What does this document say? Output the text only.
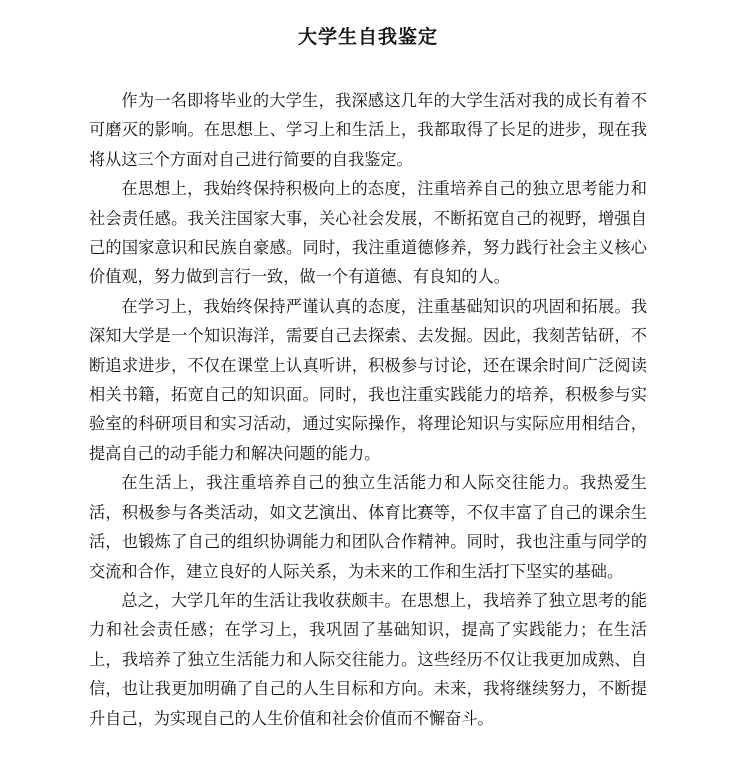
大学生自我鉴定

作为一名即将毕业的大学生，我深感这几年的大学生活对我的成长有着不可磨灭的影响。在思想上、学习上和生活上，我都取得了长足的进步，现在我将从这三个方面对自己进行简要的自我鉴定。

在思想上，我始终保持积极向上的态度，注重培养自己的独立思考能力和社会责任感。我关注国家大事，关心社会发展，不断拓宽自己的视野，增强自己的国家意识和民族自豪感。同时，我注重道德修养，努力践行社会主义核心价值观，努力做到言行一致，做一个有道德、有良知的人。

在学习上，我始终保持严谨认真的态度，注重基础知识的巩固和拓展。我深知大学是一个知识海洋，需要自己去探索、去发掘。因此，我刻苦钻研，不断追求进步，不仅在课堂上认真听讲，积极参与讨论，还在课余时间广泛阅读相关书籍，拓宽自己的知识面。同时，我也注重实践能力的培养，积极参与实验室的科研项目和实习活动，通过实际操作，将理论知识与实际应用相结合，提高自己的动手能力和解决问题的能力。

在生活上，我注重培养自己的独立生活能力和人际交往能力。我热爱生活，积极参与各类活动，如文艺演出、体育比赛等，不仅丰富了自己的课余生活，也锻炼了自己的组织协调能力和团队合作精神。同时，我也注重与同学的交流和合作，建立良好的人际关系，为未来的工作和生活打下坚实的基础。

总之，大学几年的生活让我收获颇丰。在思想上，我培养了独立思考的能力和社会责任感；在学习上，我巩固了基础知识，提高了实践能力；在生活上，我培养了独立生活能力和人际交往能力。这些经历不仅让我更加成熟、自信，也让我更加明确了自己的人生目标和方向。未来，我将继续努力，不断提升自己，为实现自己的人生价值和社会价值而不懈奋斗。
